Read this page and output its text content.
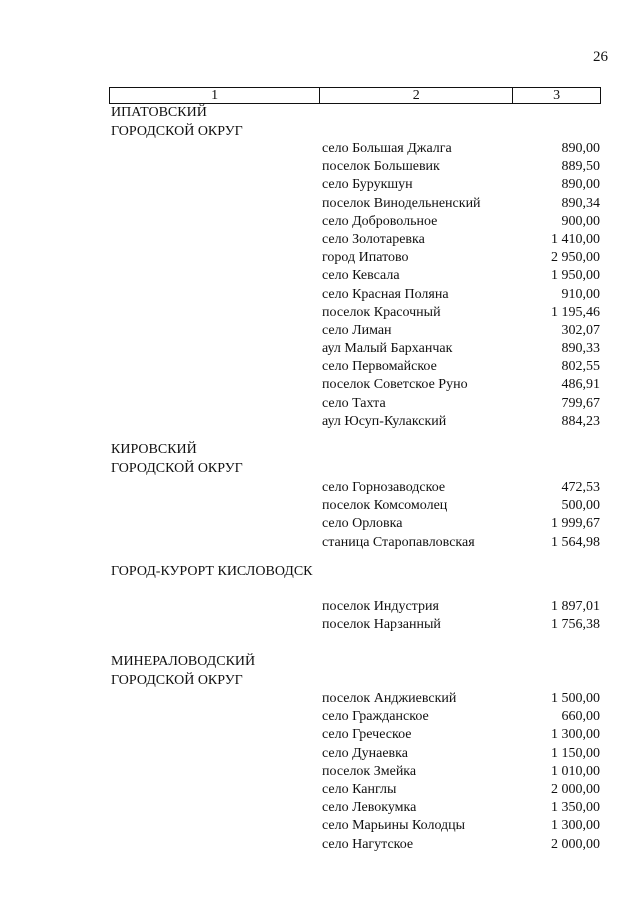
26
1	2	3
ИПАТОВСКИЙ
ГОРОДСКОЙ ОКРУГ
село Большая Джалга	890,00
поселок Большевик	889,50
село Бурукшун	890,00
поселок Винодельненский	890,34
село Добровольное	900,00
село Золотаревка	1 410,00
город Ипатово	2 950,00
село Кевсала	1 950,00
село Красная Поляна	910,00
поселок Красочный	1 195,46
село Лиман	302,07
аул Малый Барханчак	890,33
село Первомайское	802,55
поселок Советское Руно	486,91
село Тахта	799,67
аул Юсуп-Кулакский	884,23
КИРОВСКИЙ
ГОРОДСКОЙ ОКРУГ
село Горнозаводское	472,53
поселок Комсомолец	500,00
село Орловка	1 999,67
станица Старопавловская	1 564,98
ГОРОД-КУРОРТ КИСЛОВОДСК
поселок Индустрия	1 897,01
поселок Нарзанный	1 756,38
МИНЕРАЛОВОДСКИЙ
ГОРОДСКОЙ ОКРУГ
поселок Анджиевский	1 500,00
село Гражданское	660,00
село Греческое	1 300,00
село Дунаевка	1 150,00
поселок Змейка	1 010,00
село Канглы	2 000,00
село Левокумка	1 350,00
село Марьины Колодцы	1 300,00
село Нагутское	2 000,00
